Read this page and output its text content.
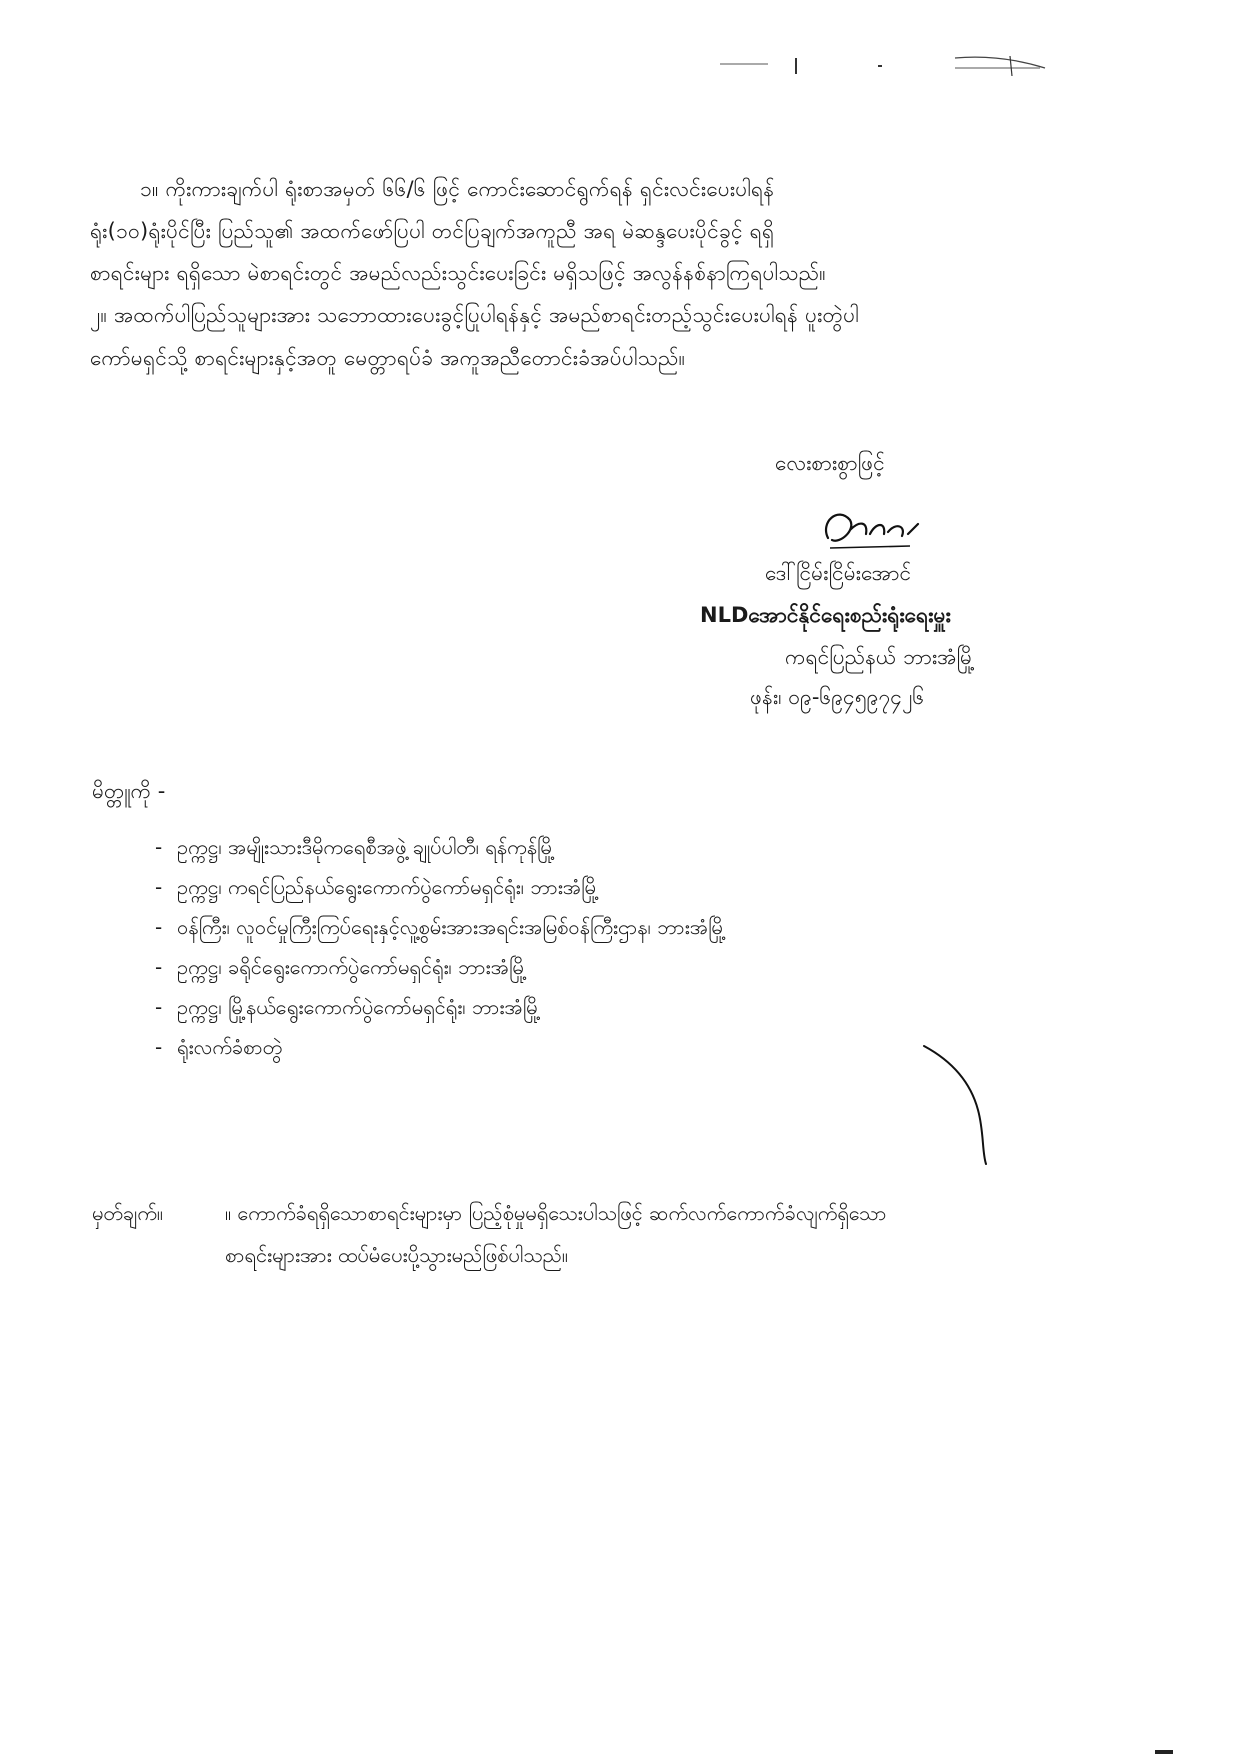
၁။ ကိုးကားချက်ပါ ရုံးစာအမှတ် ၆၆/၆ ဖြင့် ကောင်းဆောင်ရွက်ရန် ရှင်းလင်းပေးပါရန်
ရုံး(၁၀)ရုံးပိုင်ပြီး ပြည်သူ၏ အထက်ဖော်ပြပါ တင်ပြချက်အကူညီ အရ မဲဆန္ဒပေးပိုင်ခွင့် ရရှိ
စာရင်းများ ရရှိသော မဲစာရင်းတွင် အမည်လည်းသွင်းပေးခြင်း မရှိသဖြင့် အလွန်နစ်နာကြရပါသည်။
၂။ အထက်ပါပြည်သူများအား သဘောထားပေးခွင့်ပြုပါရန်နှင့် အမည်စာရင်းတည့်သွင်းပေးပါရန် ပူးတွဲပါ
ကော်မရှင်သို့ စာရင်းများနှင့်အတူ မေတ္တာရပ်ခံ အကူအညီတောင်းခံအပ်ပါသည်။
လေးစားစွာဖြင့်
ဒေါ်ငြိမ်းငြိမ်းအောင်
NLDအောင်နိုင်ရေးစည်းရုံးရေးမှူး
ကရင်ပြည်နယ် ဘားအံမြို့
ဖုန်း၊ ၀၉-၆၉၄၅၉၇၄၂၆
မိတ္တူကို -
- ဥက္ကဋ္ဌ၊ အမျိုးသားဒီမိုကရေစီအဖွဲ့ ချုပ်ပါတီ၊ ရန်ကုန်မြို့
- ဥက္ကဋ္ဌ၊ ကရင်ပြည်နယ်ရွေးကောက်ပွဲကော်မရှင်ရုံး၊ ဘားအံမြို့
- ဝန်ကြီး၊ လူဝင်မှုကြီးကြပ်ရေးနှင့်လူ့စွမ်းအားအရင်းအမြစ်ဝန်ကြီးဌာန၊ ဘားအံမြို့
- ဥက္ကဋ္ဌ၊ ခရိုင်ရွေးကောက်ပွဲကော်မရှင်ရုံး၊ ဘားအံမြို့
- ဥက္ကဋ္ဌ၊ မြို့နယ်ရွေးကောက်ပွဲကော်မရှင်ရုံး၊ ဘားအံမြို့
- ရုံးလက်ခံစာတွဲ
မှတ်ချက်။	။ ကောက်ခံရရှိသောစာရင်းများမှာ ပြည့်စုံမှုမရှိသေးပါသဖြင့် ဆက်လက်ကောက်ခံလျက်ရှိသော
စာရင်းများအား ထပ်မံပေးပို့သွားမည်ဖြစ်ပါသည်။
